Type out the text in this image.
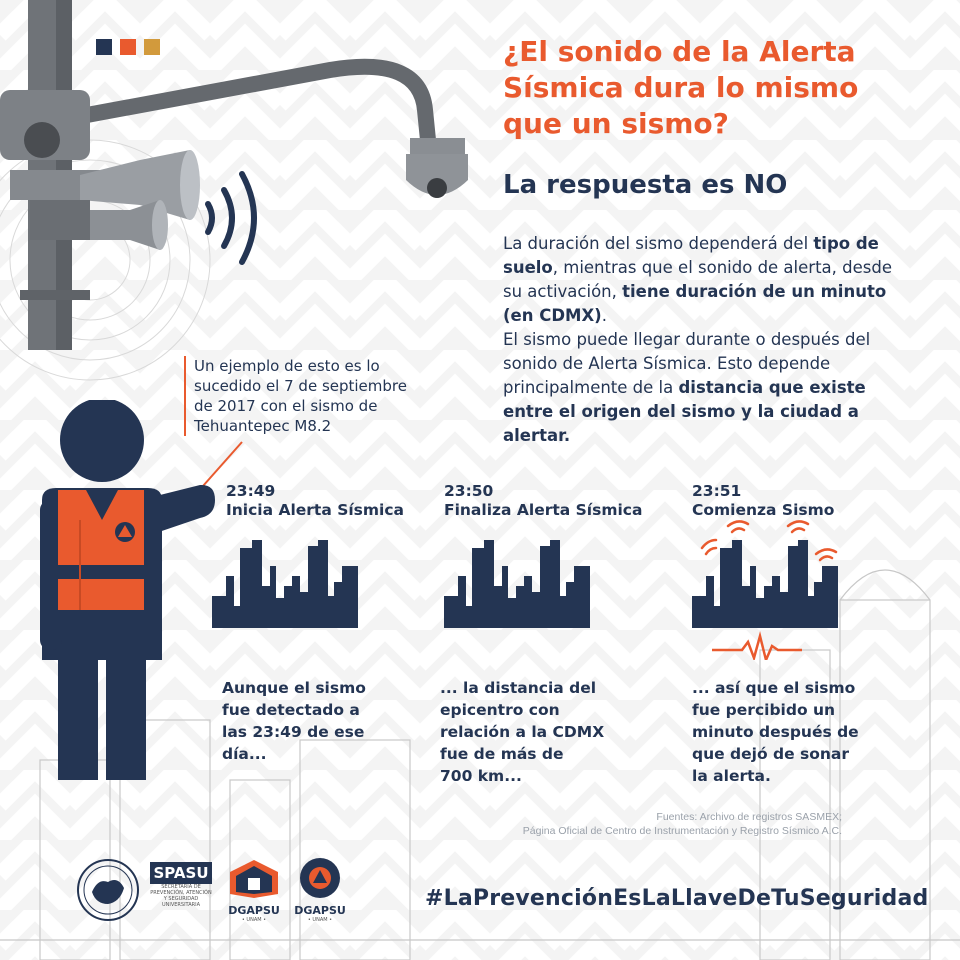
¿El sonido de la Alerta
Sísmica dura lo mismo
que un sismo?
La respuesta es NO

La duración del sismo dependerá del tipo de suelo, mientras que el sonido de alerta, desde su activación, tiene duración de un minuto (en CDMX).

El sismo puede llegar durante o después del sonido de Alerta Sísmica. Esto depende principalmente de la distancia que existe entre el origen del sismo y la ciudad a alertar.

Un ejemplo de esto es lo
sucedido el 7 de septiembre
de 2017 con el sismo de
Tehuantepec M8.2
23:49
Inicia Alerta Sísmica
23:50
Finaliza Alerta Sísmica
23:51
Comienza Sismo
Aunque el sismo
fue detectado a
las 23:49 de ese
día...
... la distancia del
epicentro con
relación a la CDMX
fue de más de
700 km...
... así que el sismo
fue percibido un
minuto después de
que dejó de sonar
la alerta.
Fuentes: Archivo de registros SASMEX;
Página Oficial de Centro de Instrumentación y Registro Sísmico A.C.
SPASU
SECRETARÍA DE PREVENCIÓN, ATENCIÓN Y SEGURIDAD UNIVERSITARIA	DGAPSU
• UNAM •
DGAPSU
• UNAM •
#LaPrevenciónEsLaLlaveDeTuSeguridad
